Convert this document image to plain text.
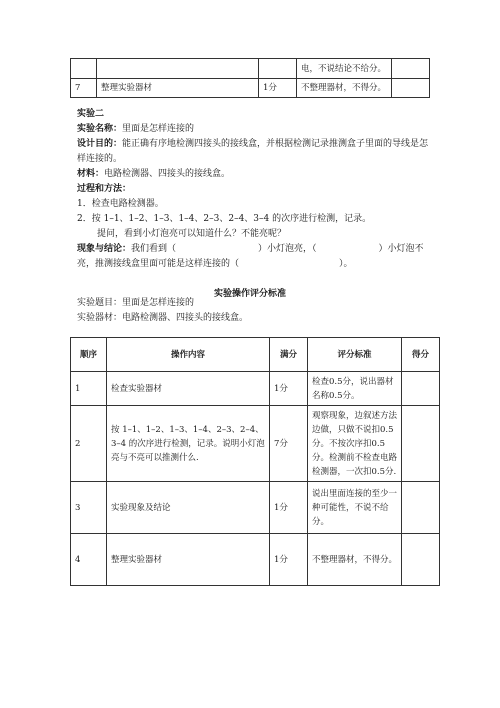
			电，不说结论不给分。	
7	整理实验器材	1分	不整理器材，不得分。	
实验二
实验名称：里面是怎样连接的
设计目的：能正确有序地检测四接头的接线盒，并根据检测记录推测盒子里面的导线是怎
样连接的。
材料：电路检测器、四接头的接线盒。
过程和方法：
1．检查电路检测器。
2．按 1–1、1–2、1–3、1–4、2–3、2–4、3–4 的次序进行检测，记录。
提问，看到小灯泡亮可以知道什么？不能亮呢？
现象与结论：我们看到（	）小灯泡亮，（	）小灯泡不
亮，推测接线盒里面可能是这样连接的（	）。
实验操作评分标准
实验题目：里面是怎样连接的
实验器材：电路检测器、四接头的接线盒。
顺序	操作内容	满分	评分标准	得分
1	检查实验器材	1分	检查0.5分，说出器材名称0.5分。	
2	按 1–1、1–2、1–3、1–4、2–3、2–4、3–4 的次序进行检测，记录。说明小灯泡亮与不亮可以推测什么.	7分	观察现象，边叙述方法边做，只做不说扣0.5分。不按次序扣0.5分。检测前不检查电路检测器，一次扣0.5分.	
3	实验现象及结论	1分	说出里面连接的至少一种可能性，不说不给分。	
4	整理实验器材	1分	不整理器材，不得分。	
